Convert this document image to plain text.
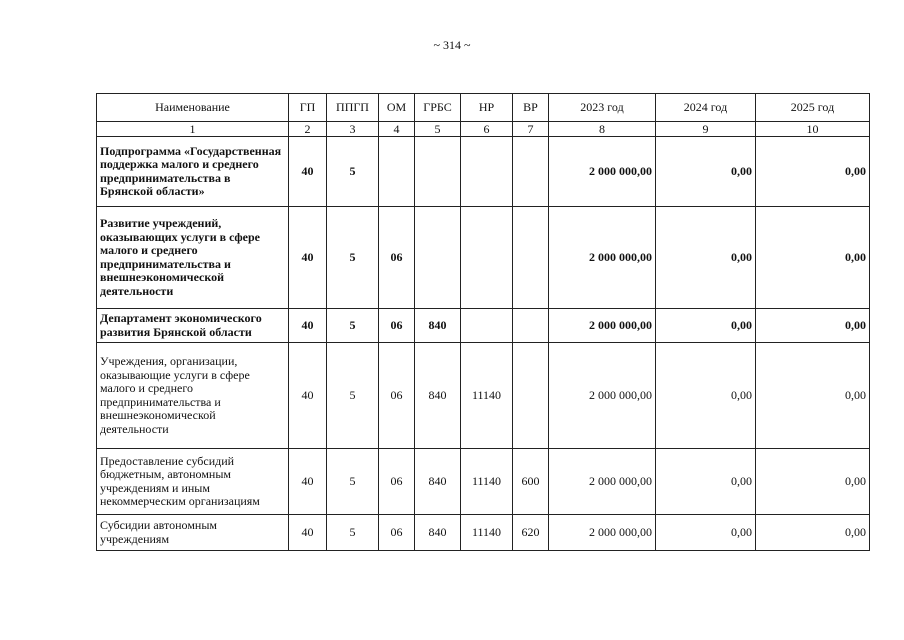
~ 314 ~
Наименование	ГП	ППГП	ОМ	ГРБС	НР	ВР	2023 год	2024 год	2025 год
1	2	3	4	5	6	7	8	9	10
Подпрограмма «Государственная поддержка малого и среднего предпринимательства в Брянской области»	40	5					2 000 000,00	0,00	0,00
Развитие учреждений, оказывающих услуги в сфере малого и среднего предпринимательства и внешнеэкономической деятельности	40	5	06				2 000 000,00	0,00	0,00
Департамент экономического развития Брянской области	40	5	06	840			2 000 000,00	0,00	0,00
Учреждения, организации, оказывающие услуги в сфере малого и среднего предпринимательства и внешнеэкономической деятельности	40	5	06	840	11140		2 000 000,00	0,00	0,00
Предоставление субсидий бюджетным, автономным учреждениям и иным некоммерческим организациям	40	5	06	840	11140	600	2 000 000,00	0,00	0,00
Субсидии автономным учреждениям	40	5	06	840	11140	620	2 000 000,00	0,00	0,00
